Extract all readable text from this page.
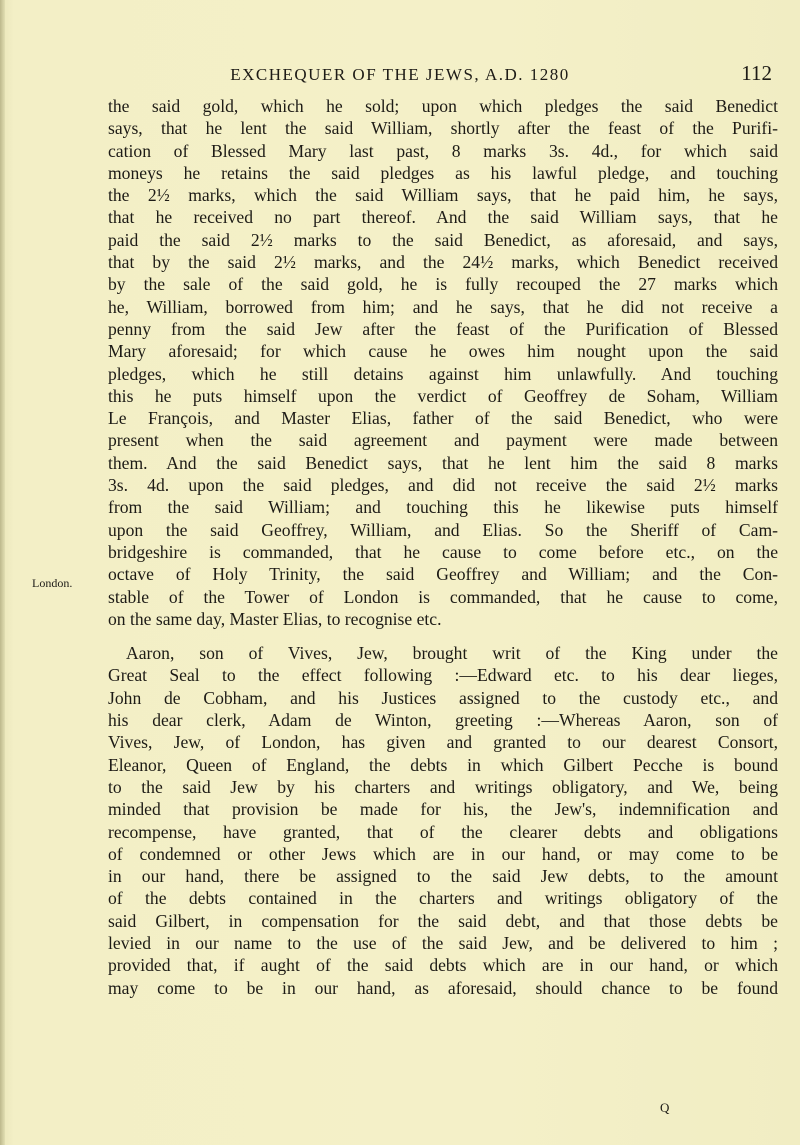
EXCHEQUER OF THE JEWS, A.D. 1280	112
London.
the said gold, which he sold; upon which pledges the said Benedict
says, that he lent the said William, shortly after the feast of the Purifi-
cation of Blessed Mary last past, 8 marks 3s. 4d., for which said
moneys he retains the said pledges as his lawful pledge, and touching
the 2½ marks, which the said William says, that he paid him, he says,
that he received no part thereof. And the said William says, that he
paid the said 2½ marks to the said Benedict, as aforesaid, and says,
that by the said 2½ marks, and the 24½ marks, which Benedict received
by the sale of the said gold, he is fully recouped the 27 marks which
he, William, borrowed from him; and he says, that he did not receive a
penny from the said Jew after the feast of the Purification of Blessed
Mary aforesaid; for which cause he owes him nought upon the said
pledges, which he still detains against him unlawfully. And touching
this he puts himself upon the verdict of Geoffrey de Soham, William
Le François, and Master Elias, father of the said Benedict, who were
present when the said agreement and payment were made between
them. And the said Benedict says, that he lent him the said 8 marks
3s. 4d. upon the said pledges, and did not receive the said 2½ marks
from the said William; and touching this he likewise puts himself
upon the said Geoffrey, William, and Elias. So the Sheriff of Cam-
bridgeshire is commanded, that he cause to come before etc., on the
octave of Holy Trinity, the said Geoffrey and William; and the Con-
stable of the Tower of London is commanded, that he cause to come,
on the same day, Master Elias, to recognise etc.
Aaron, son of Vives, Jew, brought writ of the King under the
Great Seal to the effect following :—Edward etc. to his dear lieges,
John de Cobham, and his Justices assigned to the custody etc., and
his dear clerk, Adam de Winton, greeting :—Whereas Aaron, son of
Vives, Jew, of London, has given and granted to our dearest Consort,
Eleanor, Queen of England, the debts in which Gilbert Pecche is bound
to the said Jew by his charters and writings obligatory, and We, being
minded that provision be made for his, the Jew's, indemnification and
recompense, have granted, that of the clearer debts and obligations
of condemned or other Jews which are in our hand, or may come to be
in our hand, there be assigned to the said Jew debts, to the amount
of the debts contained in the charters and writings obligatory of the
said Gilbert, in compensation for the said debt, and that those debts be
levied in our name to the use of the said Jew, and be delivered to him ;
provided that, if aught of the said debts which are in our hand, or which
may come to be in our hand, as aforesaid, should chance to be found
Q
